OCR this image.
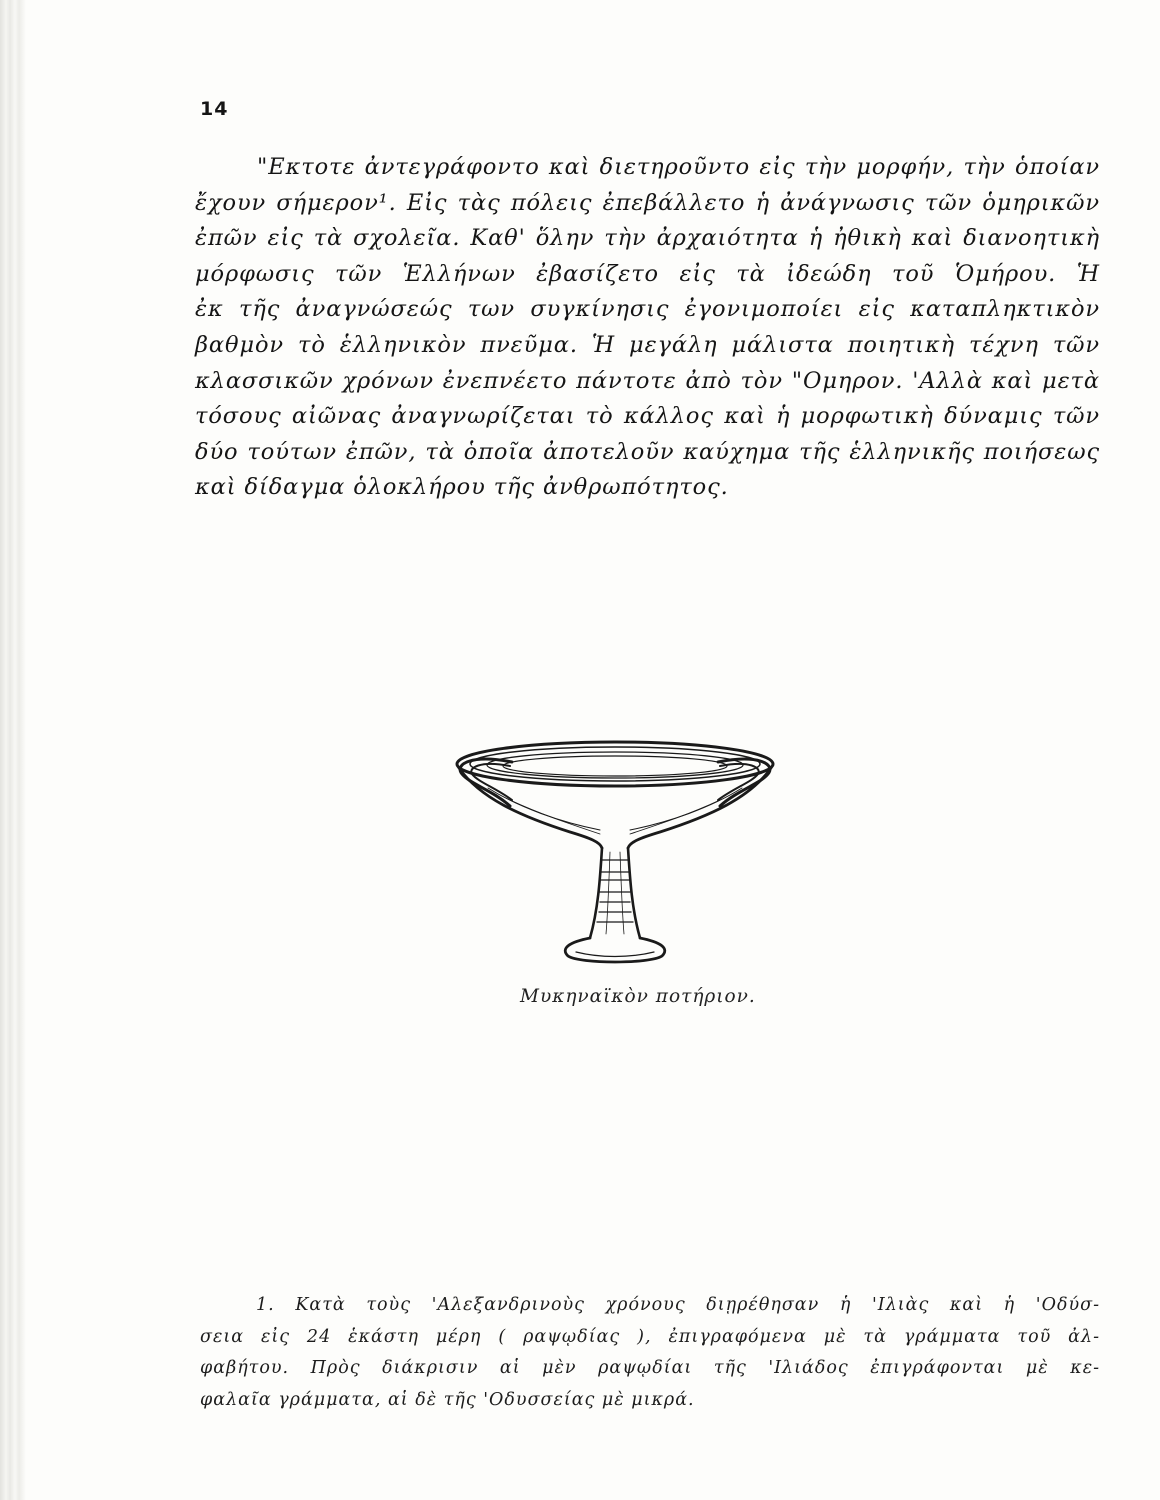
14
"Εκτοτε ἀντεγράφοντο καὶ διετηροῦντο εἰς τὴν μορφήν, τὴν ὁποίαν
ἔχουν σήμερον¹. Εἰς τὰς πόλεις ἐπεβάλλετο ἡ ἀνάγνωσις τῶν ὁμηρικῶν
ἐπῶν εἰς τὰ σχολεῖα. Καθ' ὅλην τὴν ἀρχαιότητα ἡ ἠθικὴ καὶ διανοητικὴ
μόρφωσις τῶν Ἑλλήνων ἐβασίζετο εἰς τὰ ἰδεώδη τοῦ Ὁμήρου. Ἡ
ἐκ τῆς ἀναγνώσεώς των συγκίνησις ἐγονιμοποίει εἰς καταπληκτικὸν
βαθμὸν τὸ ἑλληνικὸν πνεῦμα. Ἡ μεγάλη μάλιστα ποιητικὴ τέχνη τῶν
κλασσικῶν χρόνων ἐνεπνέετο πάντοτε ἀπὸ τὸν "Ομηρον. 'Αλλὰ καὶ μετὰ
τόσους αἰῶνας ἀναγνωρίζεται τὸ κάλλος καὶ ἡ μορφωτικὴ δύναμις τῶν
δύο τούτων ἐπῶν, τὰ ὁποῖα ἀποτελοῦν καύχημα τῆς ἑλληνικῆς ποιήσεως
καὶ δίδαγμα ὁλοκλήρου τῆς ἀνθρωπότητος.
Μυκηναϊκὸν ποτήριον.
1. Κατὰ τοὺς 'Αλεξανδρινοὺς χρόνους διῃρέθησαν ἡ 'Ιλιὰς καὶ ἡ 'Οδύσ-
σεια εἰς 24 ἑκάστη μέρη ( ραψῳδίας ), ἐπιγραφόμενα μὲ τὰ γράμματα τοῦ ἀλ-
φαβήτου. Πρὸς διάκρισιν αἱ μὲν ραψῳδίαι τῆς 'Ιλιάδος ἐπιγράφονται μὲ κε-
φαλαῖα γράμματα, αἱ δὲ τῆς 'Οδυσσείας μὲ μικρά.
